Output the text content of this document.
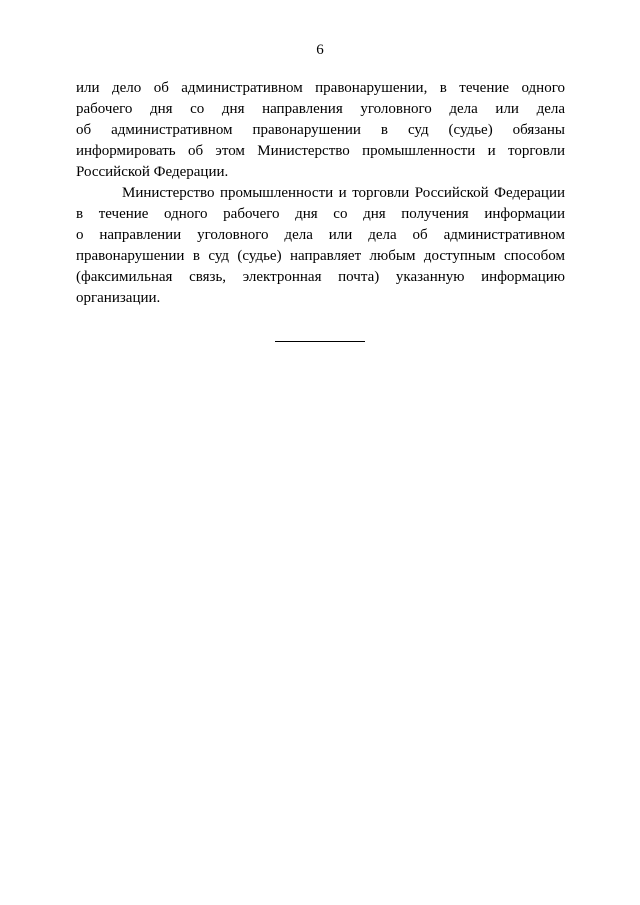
6
или дело об административном правонарушении, в течение одного
рабочего дня со дня направления уголовного дела или дела
об административном правонарушении в суд (судье) обязаны
информировать об этом Министерство промышленности и торговли
Российской Федерации.
Министерство промышленности и торговли Российской Федерации
в течение одного рабочего дня со дня получения информации
о направлении уголовного дела или дела об административном
правонарушении в суд (судье) направляет любым доступным способом
(факсимильная связь, электронная почта) указанную информацию
организации.
